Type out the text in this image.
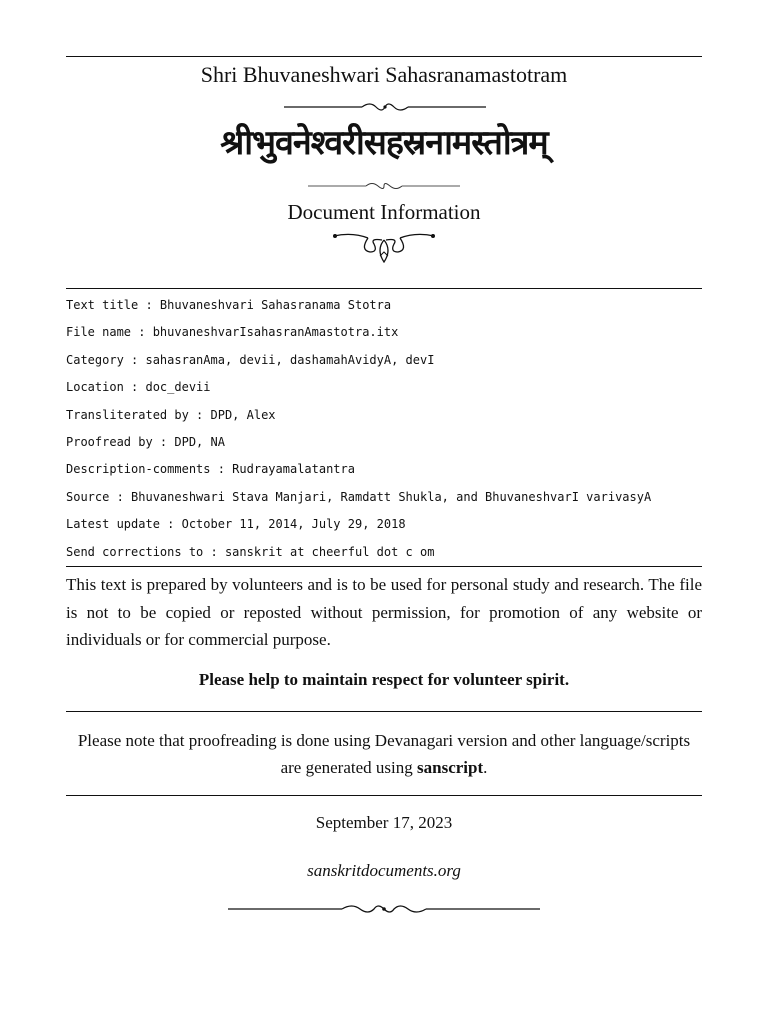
Shri Bhuvaneshwari Sahasranamastotram
श्रीभुवनेश्वरीसहस्रनामस्तोत्रम्
Document Information
Text title : Bhuvaneshvari Sahasranama Stotra
File name : bhuvaneshvarIsahasranAmastotra.itx
Category : sahasranAma, devii, dashamahAvidyA, devI
Location : doc_devii
Transliterated by : DPD, Alex
Proofread by : DPD, NA
Description-comments : Rudrayamalatantra
Source : Bhuvaneshwari Stava Manjari, Ramdatt Shukla, and BhuvaneshvarI varivasyA
Latest update : October 11, 2014, July 29, 2018
Send corrections to : sanskrit at cheerful dot c om
This text is prepared by volunteers and is to be used for personal study and research. The file is not to be copied or reposted without permission, for promotion of any website or individuals or for commercial purpose.
Please help to maintain respect for volunteer spirit.
Please note that proofreading is done using Devanagari version and other language/scripts are generated using sanscript.
September 17, 2023
sanskritdocuments.org
